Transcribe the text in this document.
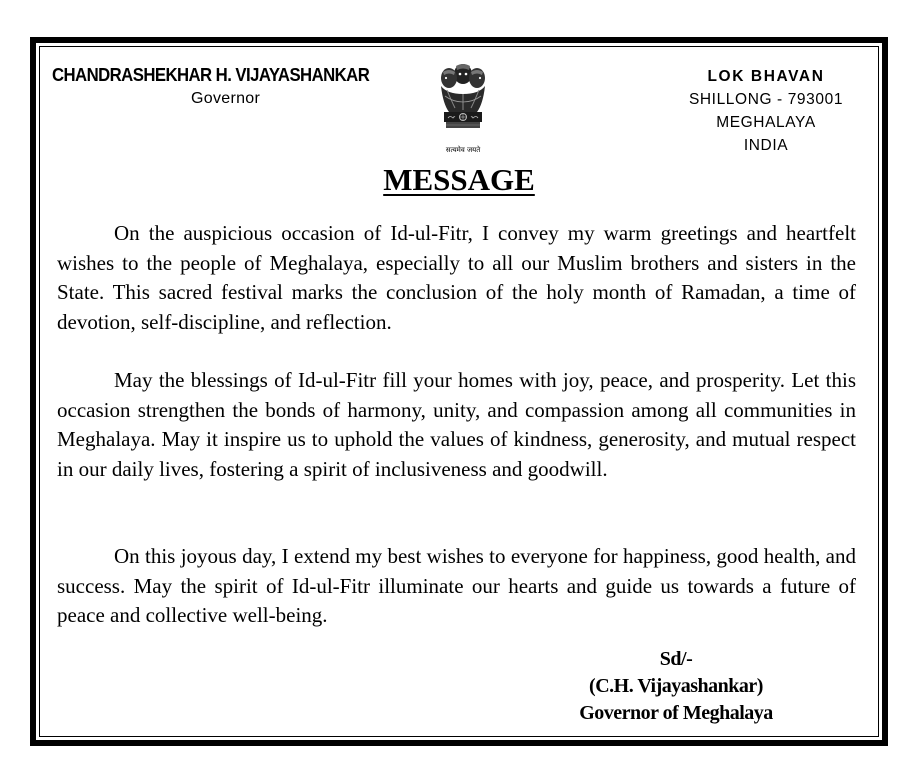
CHANDRASHEKHAR H. VIJAYASHANKAR
Governor
सत्यमेव जयते
LOK BHAVAN
SHILLONG - 793001
MEGHALAYA
INDIA
MESSAGE

On the auspicious occasion of Id-ul-Fitr, I convey my warm greetings and heartfelt wishes to the people of Meghalaya, especially to all our Muslim brothers and sisters in the State. This sacred festival marks the conclusion of the holy month of Ramadan, a time of devotion, self-discipline, and reflection.

May the blessings of Id-ul-Fitr fill your homes with joy, peace, and prosperity. Let this occasion strengthen the bonds of harmony, unity, and compassion among all communities in Meghalaya. May it inspire us to uphold the values of kindness, generosity, and mutual respect in our daily lives, fostering a spirit of inclusiveness and goodwill.

On this joyous day, I extend my best wishes to everyone for happiness, good health, and success. May the spirit of Id-ul-Fitr illuminate our hearts and guide us towards a future of peace and collective well-being.

Sd/-
(C.H. Vijayashankar)
Governor of Meghalaya
